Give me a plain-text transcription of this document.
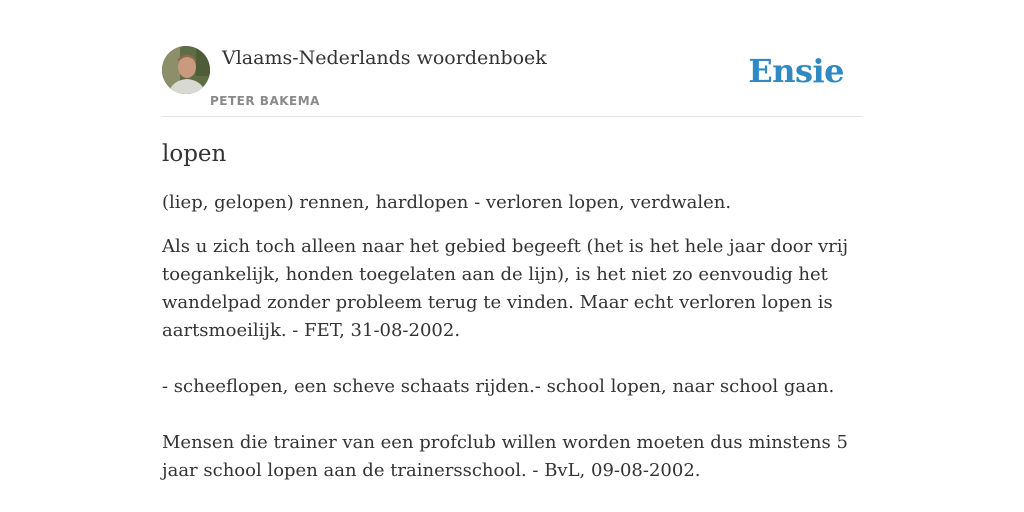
Vlaams-Nederlands woordenboek
PETER BAKEMA
Ensie
lopen

(liep, gelopen) rennen, hardlopen - verloren lopen, verdwalen.

Als u zich toch alleen naar het gebied begeeft (het is het hele jaar door vrij toegankelijk, honden toegelaten aan de lijn), is het niet zo eenvoudig het wandelpad zonder probleem terug te vinden. Maar echt verloren lopen is aartsmoeilijk. - FET, 31-08-2002.

- scheeflopen, een scheve schaats rijden.- school lopen, naar school gaan.

Mensen die trainer van een profclub willen worden moeten dus minstens 5 jaar school lopen aan de trainersschool. - BvL, 09-08-2002.
